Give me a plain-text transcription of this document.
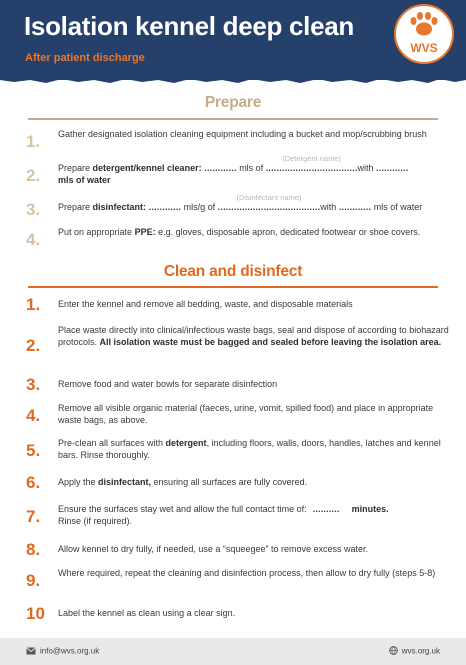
Isolation kennel deep clean
After patient discharge
WVS
Prepare
1. Gather designated isolation cleaning equipment including a bucket and mop/scrubbing brush
2. Prepare detergent/kennel cleaner: ............ mls of
(Detergent name)
..................................with ............
mls of water
3. Prepare disinfectant: ............ mls/g of
(Disinfectant name)
......................................with ............ mls of water
4. Put on appropriate PPE: e.g. gloves, disposable apron, dedicated footwear or shoe covers.
Clean and disinfect
1. Enter the kennel and remove all bedding, waste, and disposable materials
2.
Place waste directly into clinical/infectious waste bags, seal and dispose of according to biohazard protocols. All isolation waste must be bagged and sealed before leaving the isolation area.
3. Remove food and water bowls for separate disinfection
4. Remove all visible organic material (faeces, urine, vomit, spilled food) and place in appropriate waste bags, as above.
5. Pre-clean all surfaces with detergent, including floors, walls, doors, handles, latches and kennel bars. Rinse thoroughly.
6. Apply the disinfectant, ensuring all surfaces are fully covered.
7. Ensure the surfaces stay wet and allow the full contact time of: .......... minutes.
Rinse (if required).
8. Allow kennel to dry fully, if needed, use a “squeegee” to remove excess water.
9. Where required, repeat the cleaning and disinfection process, then allow to dry fully (steps 5-8)
10 Label the kennel as clean using a clear sign.
info@wvs.org.uk	wvs.org.uk
